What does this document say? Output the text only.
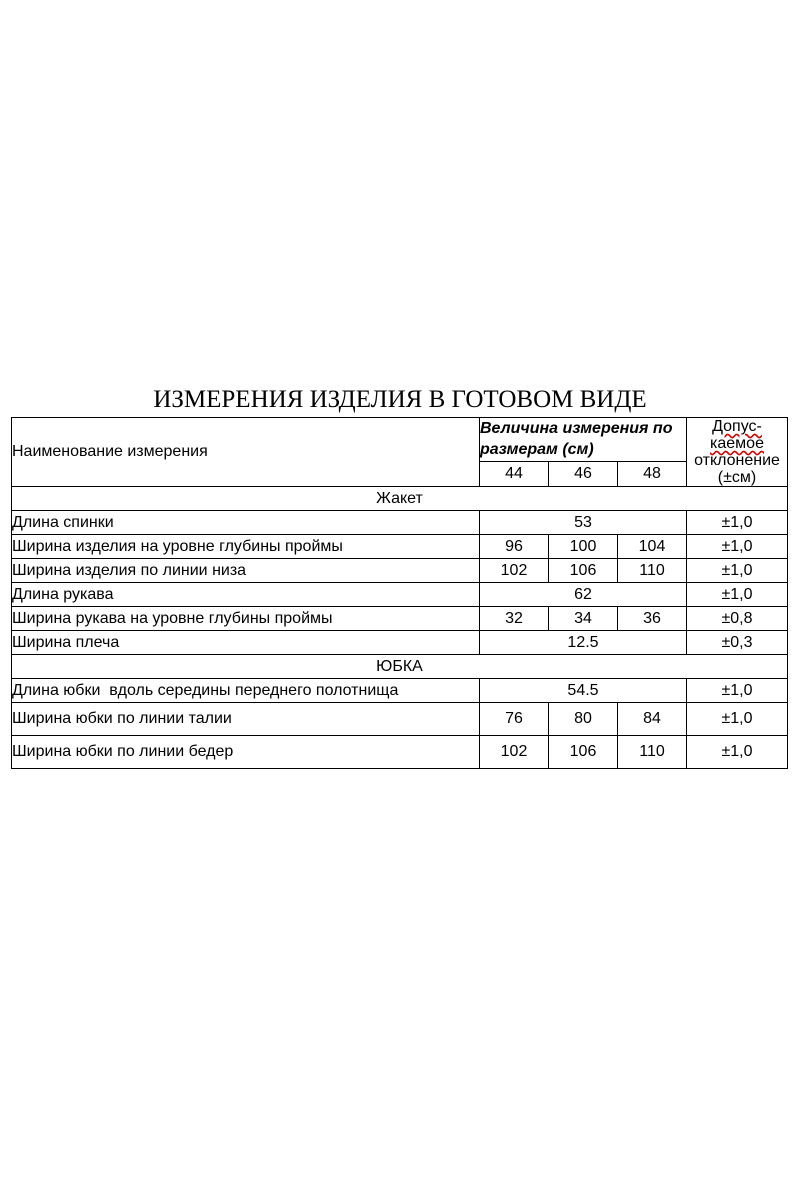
ИЗМЕРЕНИЯ ИЗДЕЛИЯ В ГОТОВОМ ВИДЕ
Наименование измерения	Величина измерения по размерам (см)			Допус-
каемое
отклонение
(±см)

	44	46	48	
Жакет				
Длина спинки	53			±1,0
Ширина изделия на уровне глубины проймы	96	100	104	±1,0
Ширина изделия по линии низа	102	106	110	±1,0
Длина рукава	62			±1,0
Ширина рукава на уровне глубины проймы	32	34	36	±0,8
Ширина плеча	12.5			±0,3
ЮБКА				
Длина юбки  вдоль середины переднего полотнища	54.5			±1,0
Ширина юбки по линии талии	76	80	84	±1,0
Ширина юбки по линии бедер	102	106	110	±1,0
